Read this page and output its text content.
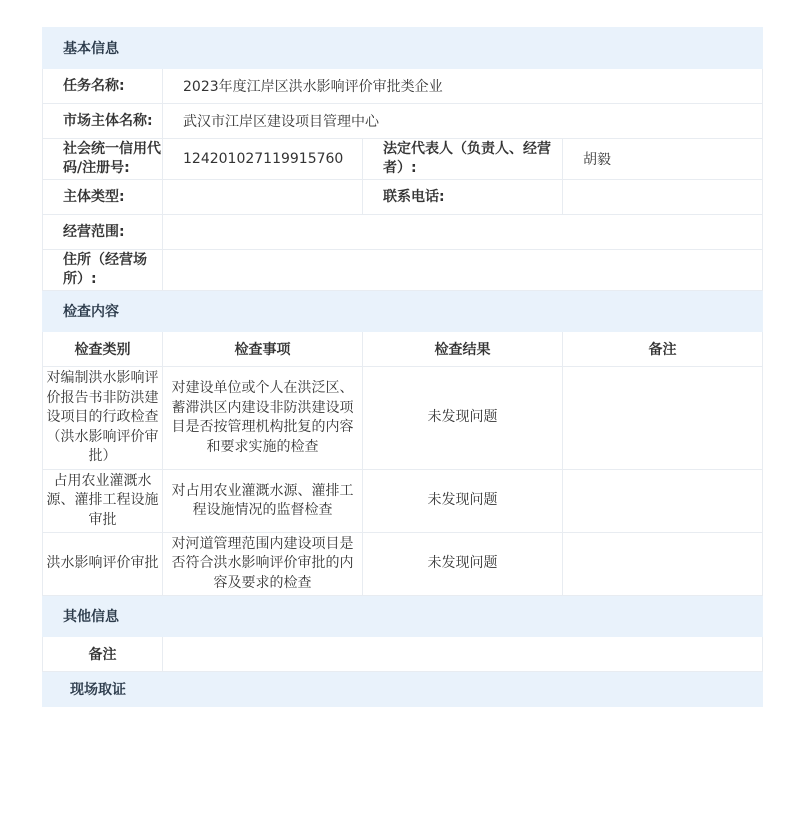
基本信息			
任务名称:	2023年度江岸区洪水影响评价审批类企业		
市场主体名称:	武汉市江岸区建设项目管理中心		
社会统一信用代码/注册号:	124201027119915760	法定代表人（负责人、经营者）:	胡毅
主体类型:		联系电话:	
经营范围:			
住所（经营场所）:			
检查内容			
检查类别	检查事项	检查结果	备注
对编制洪水影响评价报告书非防洪建设项目的行政检查（洪水影响评价审批）	对建设单位或个人在洪泛区、蓄滞洪区内建设非防洪建设项目是否按管理机构批复的内容和要求实施的检查	未发现问题	
占用农业灌溉水源、灌排工程设施审批	对占用农业灌溉水源、灌排工程设施情况的监督检查	未发现问题	
洪水影响评价审批	对河道管理范围内建设项目是否符合洪水影响评价审批的内容及要求的检查	未发现问题	
其他信息			
备注			
现场取证			
